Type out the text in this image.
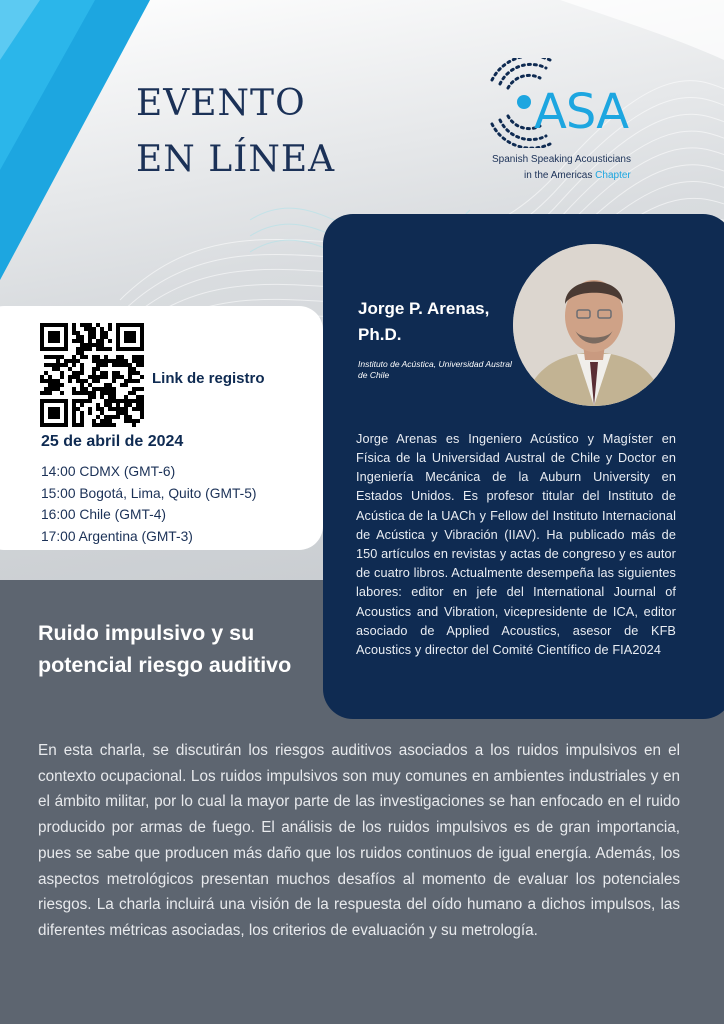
EVENTO
EN LÍNEA
ASA
Spanish Speaking Acousticians
in the Americas Chapter
Jorge P. Arenas, Ph.D.
Instituto de Acústica, Universidad Austral de Chile

Jorge Arenas es Ingeniero Acústico y Magíster en Física de la Universidad Austral de Chile y Doctor en Ingeniería Mecánica de la Auburn University en Estados Unidos. Es profesor titular del Instituto de Acústica de la UACh y Fellow del Instituto Internacional de Acústica y Vibración (IIAV). Ha publicado más de 150 artículos en revistas y actas de congreso y es autor de cuatro libros. Actualmente desempeña las siguientes labores: editor en jefe del International Journal of Acoustics and Vibration, vicepresidente de ICA, editor asociado de Applied Acoustics, asesor de KFB Acoustics y director del Comité Científico de FIA2024

Link de registro
25 de abril de 2024
14:00 CDMX (GMT-6)
15:00 Bogotá, Lima, Quito (GMT-5)
16:00 Chile (GMT-4)
17:00 Argentina (GMT-3)
Ruido impulsivo y su potencial riesgo auditivo

En esta charla, se discutirán los riesgos auditivos asociados a los ruidos impulsivos en el contexto ocupacional. Los ruidos impulsivos son muy comunes en ambientes industriales y en el ámbito militar, por lo cual la mayor parte de las investigaciones se han enfocado en el ruido producido por armas de fuego. El análisis de los ruidos impulsivos es de gran importancia, pues se sabe que producen más daño que los ruidos continuos de igual energía. Además, los aspectos metrológicos presentan muchos desafíos al momento de evaluar los potenciales riesgos. La charla incluirá una visión de la respuesta del oído humano a dichos impulsos, las diferentes métricas asociadas, los criterios de evaluación y su metrología.
